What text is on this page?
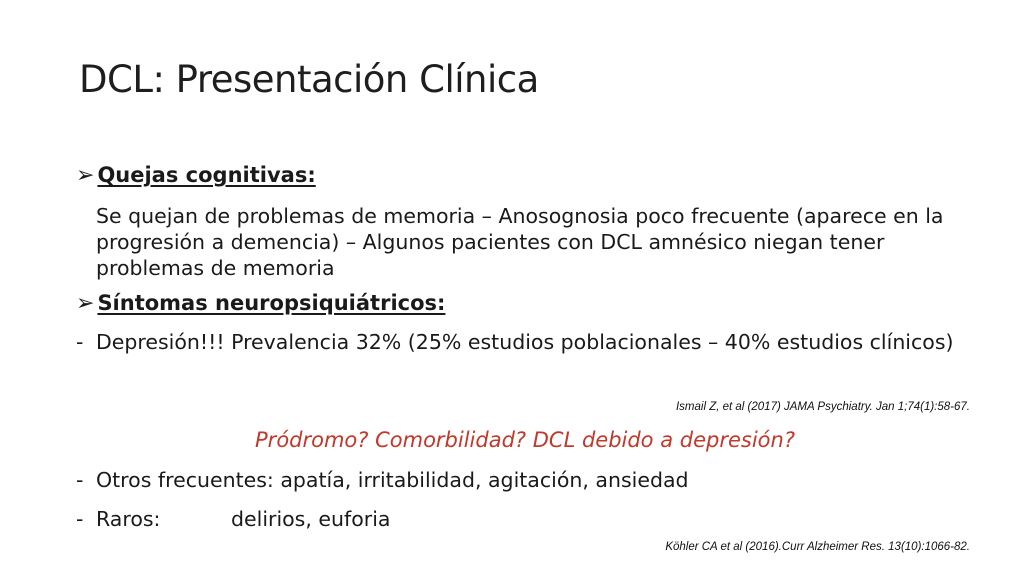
DCL: Presentación Clínica
➢ Quejas cognitivas:
Se quejan de problemas de memoria – Anosognosia poco frecuente (aparece en la progresión a demencia) – Algunos pacientes con DCL amnésico niegan tener problemas de memoria
➢ Síntomas neuropsiquiátricos:
- Depresión!!! Prevalencia 32% (25% estudios poblacionales – 40% estudios clínicos)
Ismail Z, et al (2017) JAMA Psychiatry. Jan 1;74(1):58-67.
Pródromo? Comorbilidad? DCL debido a depresión?
- Otros frecuentes: apatía, irritabilidad, agitación, ansiedad
- Raros:	delirios, euforia
Köhler CA et al (2016).Curr Alzheimer Res. 13(10):1066-82.
